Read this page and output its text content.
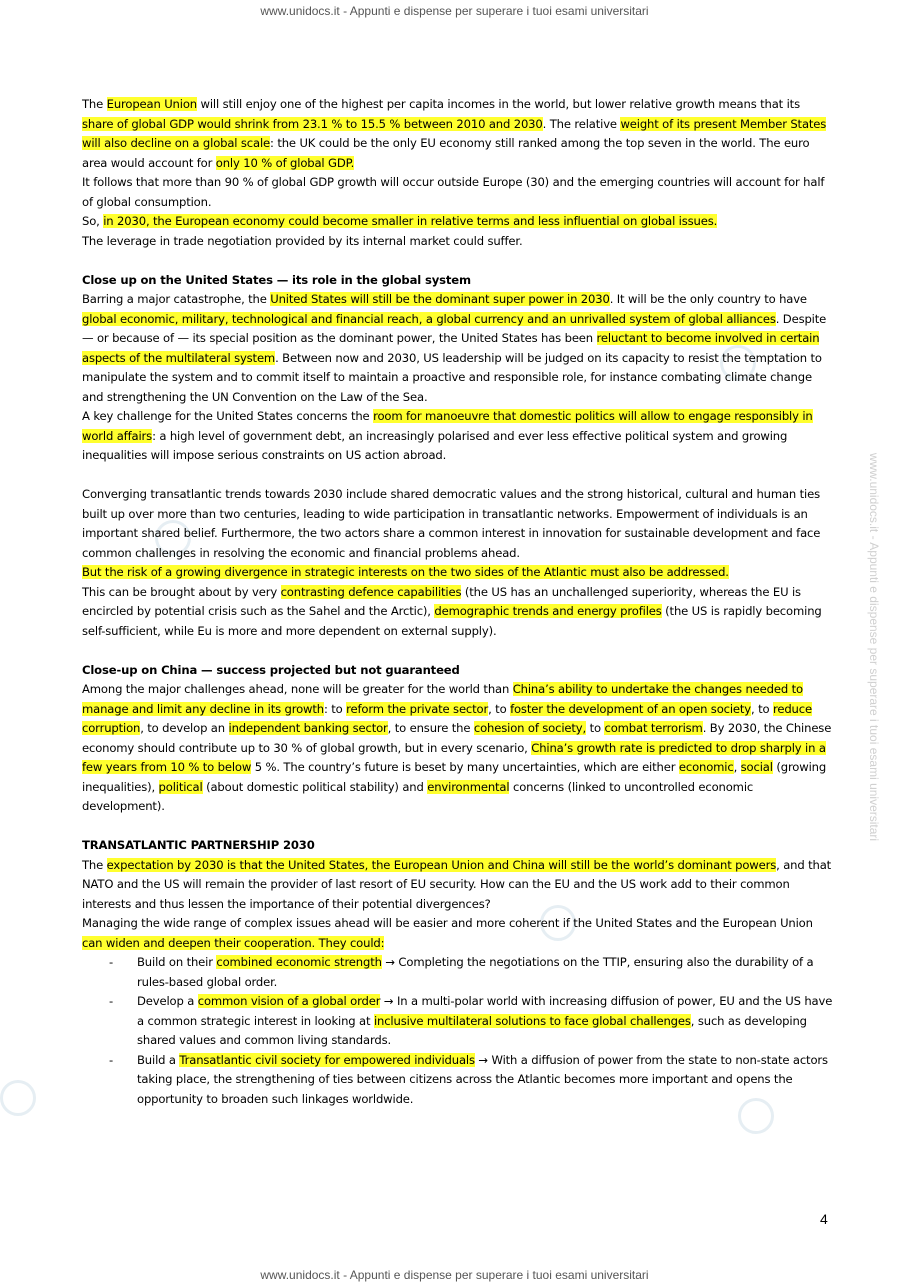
www.unidocs.it - Appunti e dispense per superare i tuoi esami universitari
www.unidocs.it - Appunti e dispense per superare i tuoi esami universitari

The European Union will still enjoy one of the highest per capita incomes in the world, but lower relative growth means that its share of global GDP would shrink from 23.1 % to 15.5 % between 2010 and 2030. The relative weight of its present Member States will also decline on a global scale: the UK could be the only EU economy still ranked among the top seven in the world. The euro area would account for only 10 % of global GDP.

It follows that more than 90 % of global GDP growth will occur outside Europe (30) and the emerging countries will account for half of global consumption.

So, in 2030, the European economy could become smaller in relative terms and less influential on global issues.

The leverage in trade negotiation provided by its internal market could suffer.

Close up on the United States — its role in the global system

Barring a major catastrophe, the United States will still be the dominant super power in 2030. It will be the only country to have global economic, military, technological and financial reach, a global currency and an unrivalled system of global alliances. Despite — or because of — its special position as the dominant power, the United States has been reluctant to become involved in certain aspects of the multilateral system. Between now and 2030, US leadership will be judged on its capacity to resist the temptation to manipulate the system and to commit itself to maintain a proactive and responsible role, for instance combating climate change and strengthening the UN Convention on the Law of the Sea.

A key challenge for the United States concerns the room for manoeuvre that domestic politics will allow to engage responsibly in world affairs: a high level of government debt, an increasingly polarised and ever less effective political system and growing inequalities will impose serious constraints on US action abroad.

Converging transatlantic trends towards 2030 include shared democratic values and the strong historical, cultural and human ties built up over more than two centuries, leading to wide participation in transatlantic networks. Empowerment of individuals is an important shared belief. Furthermore, the two actors share a common interest in innovation for sustainable development and face common challenges in resolving the economic and financial problems ahead.

But the risk of a growing divergence in strategic interests on the two sides of the Atlantic must also be addressed.

This can be brought about by very contrasting defence capabilities (the US has an unchallenged superiority, whereas the EU is encircled by potential crisis such as the Sahel and the Arctic), demographic trends and energy profiles (the US is rapidly becoming self-sufficient, while Eu is more and more dependent on external supply).

Close-up on China — success projected but not guaranteed

Among the major challenges ahead, none will be greater for the world than China’s ability to undertake the changes needed to manage and limit any decline in its growth: to reform the private sector, to foster the development of an open society, to reduce corruption, to develop an independent banking sector, to ensure the cohesion of society, to combat terrorism. By 2030, the Chinese economy should contribute up to 30 % of global growth, but in every scenario, China’s growth rate is predicted to drop sharply in a few years from 10 % to below 5 %. The country’s future is beset by many uncertainties, which are either economic, social (growing inequalities), political (about domestic political stability) and environmental concerns (linked to uncontrolled economic development).

TRANSATLANTIC PARTNERSHIP 2030

The expectation by 2030 is that the United States, the European Union and China will still be the world’s dominant powers, and that NATO and the US will remain the provider of last resort of EU security. How can the EU and the US work add to their common interests and thus lessen the importance of their potential divergences?

Managing the wide range of complex issues ahead will be easier and more coherent if the United States and the European Union can widen and deepen their cooperation. They could:

- Build on their combined economic strength → Completing the negotiations on the TTIP, ensuring also the durability of a rules-based global order.
- Develop a common vision of a global order → In a multi-polar world with increasing diffusion of power, EU and the US have a common strategic interest in looking at inclusive multilateral solutions to face global challenges, such as developing shared values and common living standards.
- Build a Transatlantic civil society for empowered individuals → With a diffusion of power from the state to non-state actors taking place, the strengthening of ties between citizens across the Atlantic becomes more important and opens the opportunity to broaden such linkages worldwide.
4
www.unidocs.it - Appunti e dispense per superare i tuoi esami universitari
